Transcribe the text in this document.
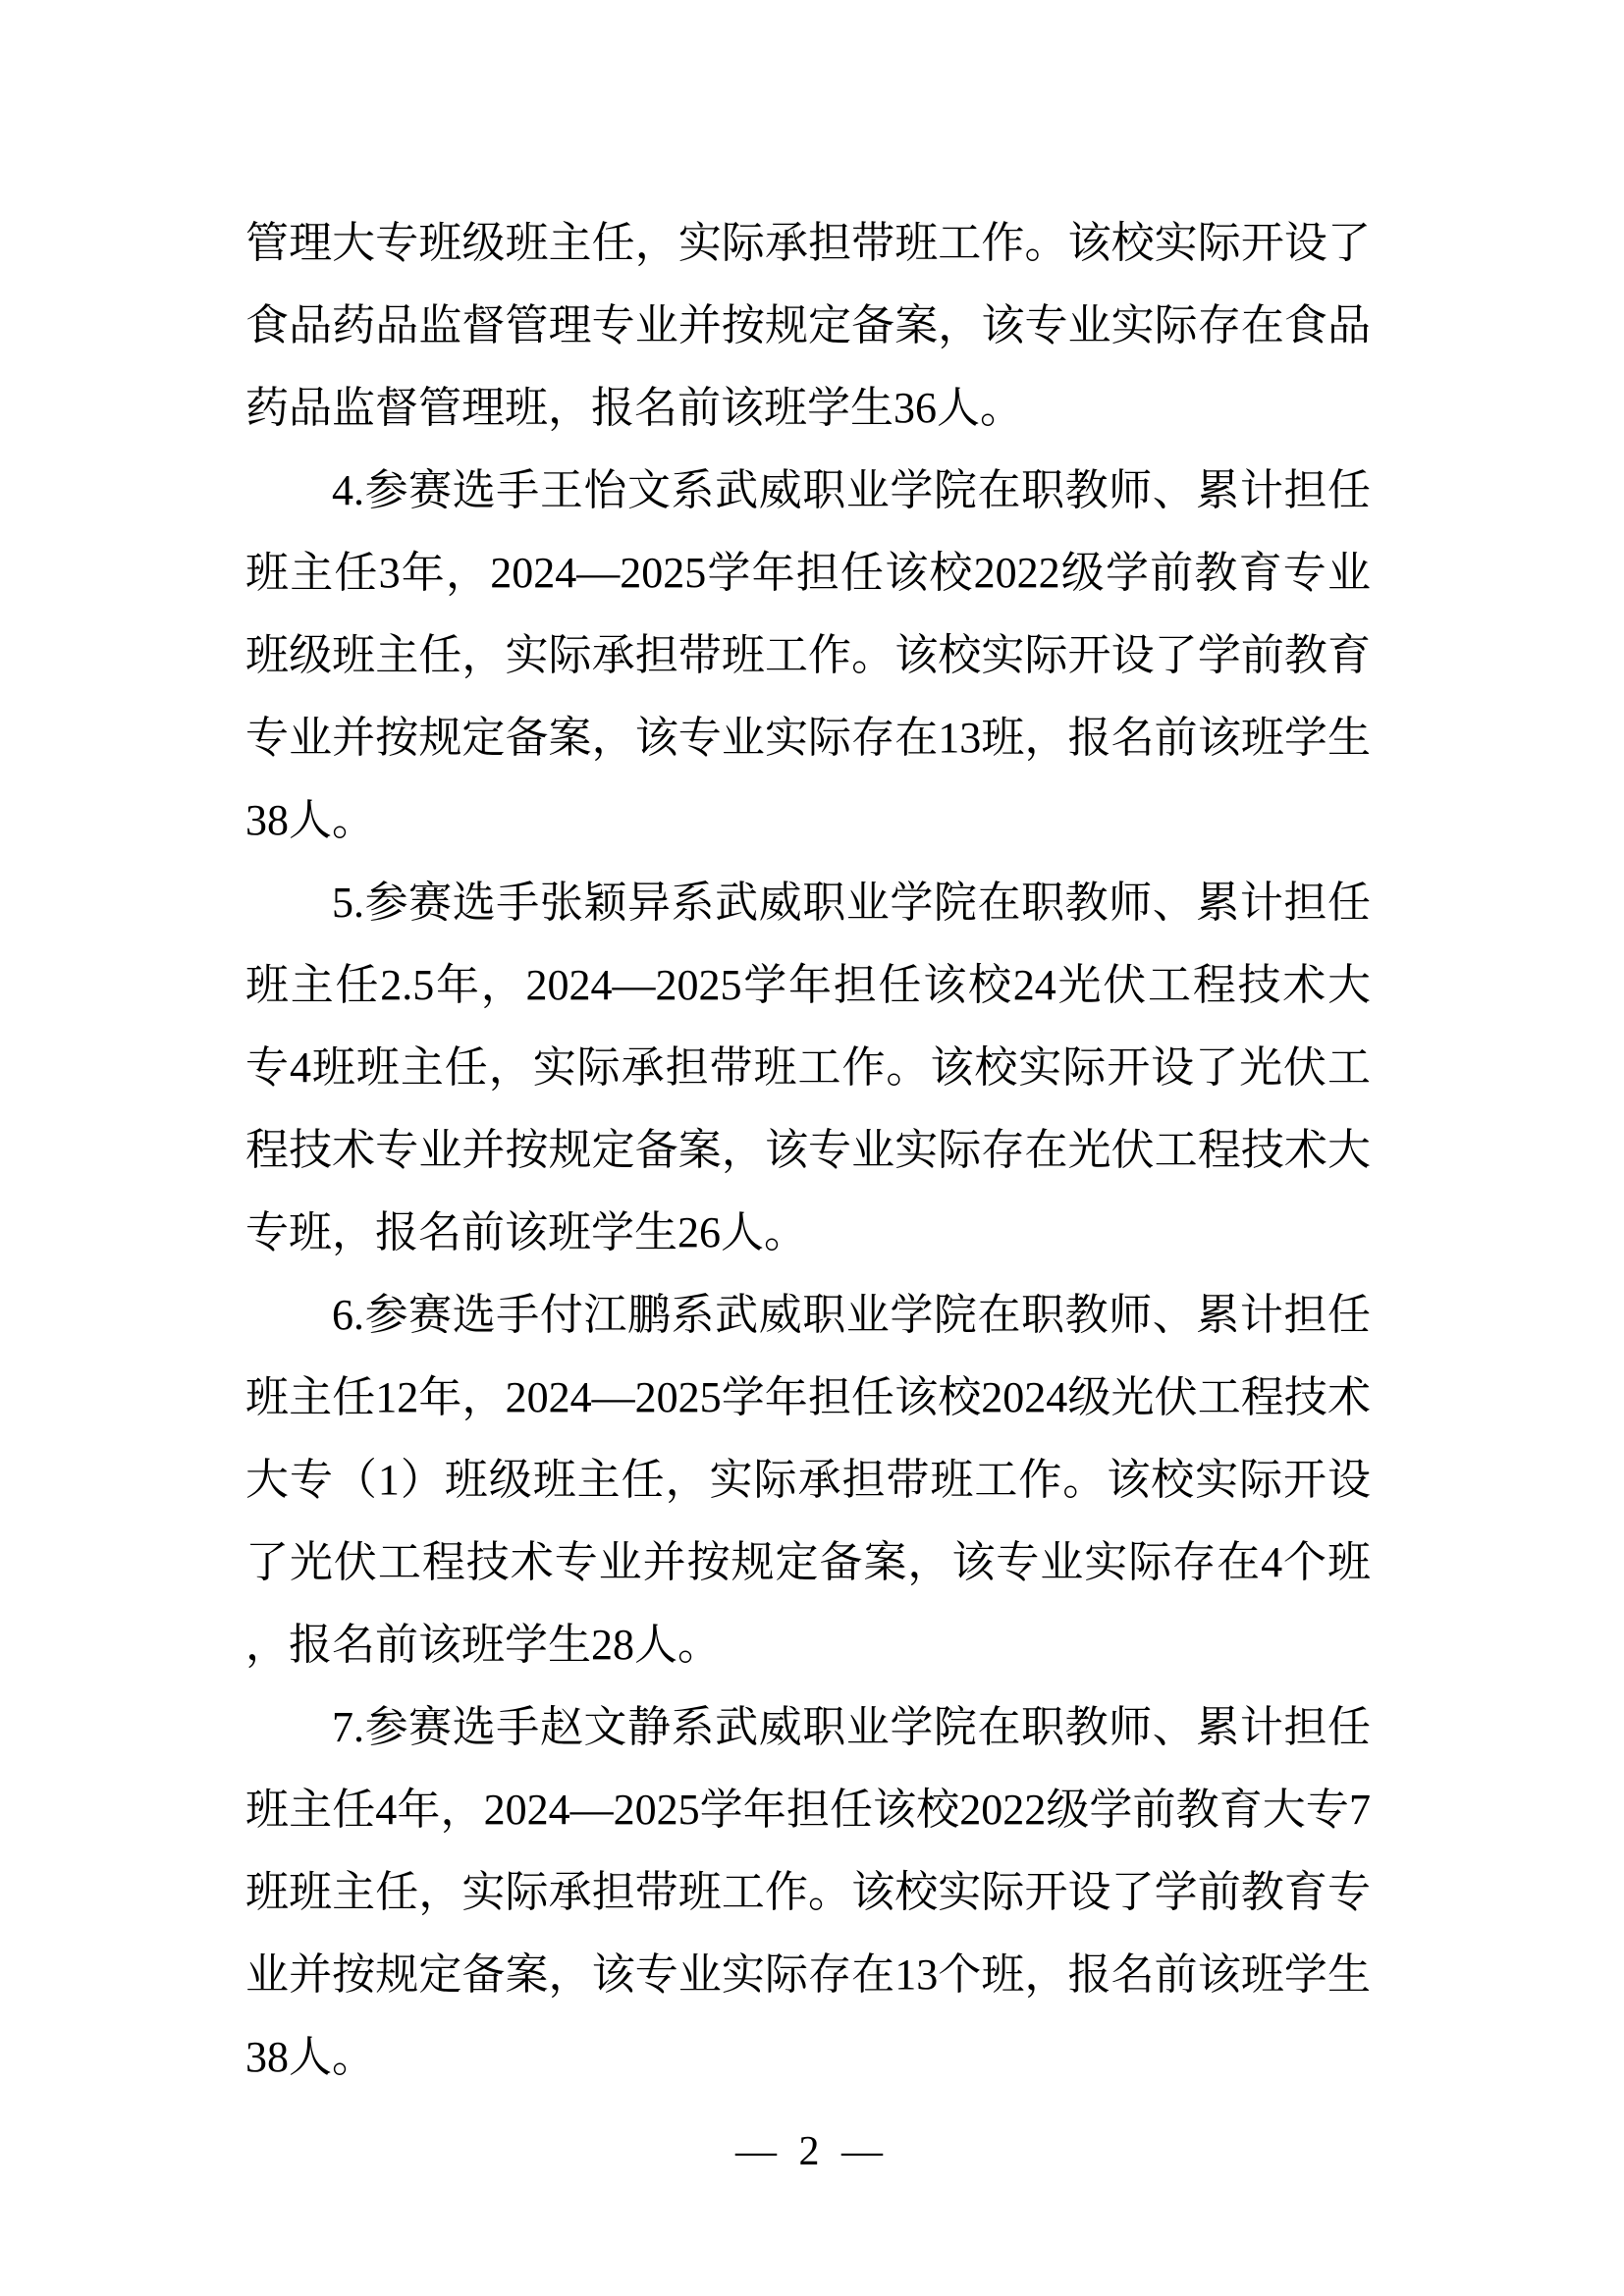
管理大专班级班主任，实际承担带班工作。该校实际开设了
食品药品监督管理专业并按规定备案，该专业实际存在食品
药品监督管理班，报名前该班学生36人。
4.参赛选手王怡文系武威职业学院在职教师、累计担任
班主任3年，2024—2025学年担任该校2022级学前教育专业
班级班主任，实际承担带班工作。该校实际开设了学前教育
专业并按规定备案，该专业实际存在13班，报名前该班学生
38人。
5.参赛选手张颖异系武威职业学院在职教师、累计担任
班主任2.5年，2024—2025学年担任该校24光伏工程技术大
专4班班主任，实际承担带班工作。该校实际开设了光伏工
程技术专业并按规定备案，该专业实际存在光伏工程技术大
专班，报名前该班学生26人。
6.参赛选手付江鹏系武威职业学院在职教师、累计担任
班主任12年，2024—2025学年担任该校2024级光伏工程技术
大专（1）班级班主任，实际承担带班工作。该校实际开设
了光伏工程技术专业并按规定备案，该专业实际存在4个班
，报名前该班学生28人。
7.参赛选手赵文静系武威职业学院在职教师、累计担任
班主任4年，2024—2025学年担任该校2022级学前教育大专7
班班主任，实际承担带班工作。该校实际开设了学前教育专
业并按规定备案，该专业实际存在13个班，报名前该班学生
38人。
— 2 —
